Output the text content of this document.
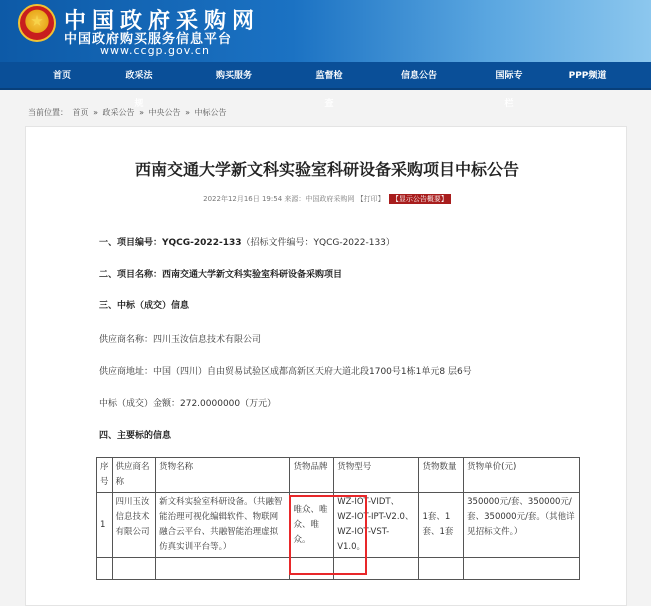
中国政府采购网
中国政府购买服务信息平台
www.ccgp.gov.cn
首页	政采法规
购买服务	监督检查
信息公告	国际专栏
PPP频道
当前位置： 首页 » 政采公告 » 中央公告 » 中标公告
西南交通大学新文科实验室科研设备采购项目中标公告
2022年12月16日 19:54 来源：中国政府采购网 【打印】 【显示公告概要】
一、项目编号：YQCG-2022-133（招标文件编号：YQCG-2022-133）
二、项目名称：西南交通大学新文科实验室科研设备采购项目
三、中标（成交）信息
供应商名称：四川玉汝信息技术有限公司
供应商地址：中国（四川）自由贸易试验区成都高新区天府大道北段1700号1栋1单元8 层6号
中标（成交）金额：272.0000000（万元）
四、主要标的信息
序号	供应商名称	货物名称	货物品牌	货物型号	货物数量	货物单价(元)
1	四川玉汝信息技术有限公司	新文科实验室科研设备。（共融智能治理可视化编辑软件、物联网融合云平台、共融智能治理虚拟仿真实训平台等。）	唯众、唯众、唯众。	WZ-IOT-VIDT、WZ-IOT-IPT-V2.0、WZ-IOT-VST-V1.0。	1套、1套、1套	350000元/套、350000元/套、350000元/套。（其他详见招标文件。）
